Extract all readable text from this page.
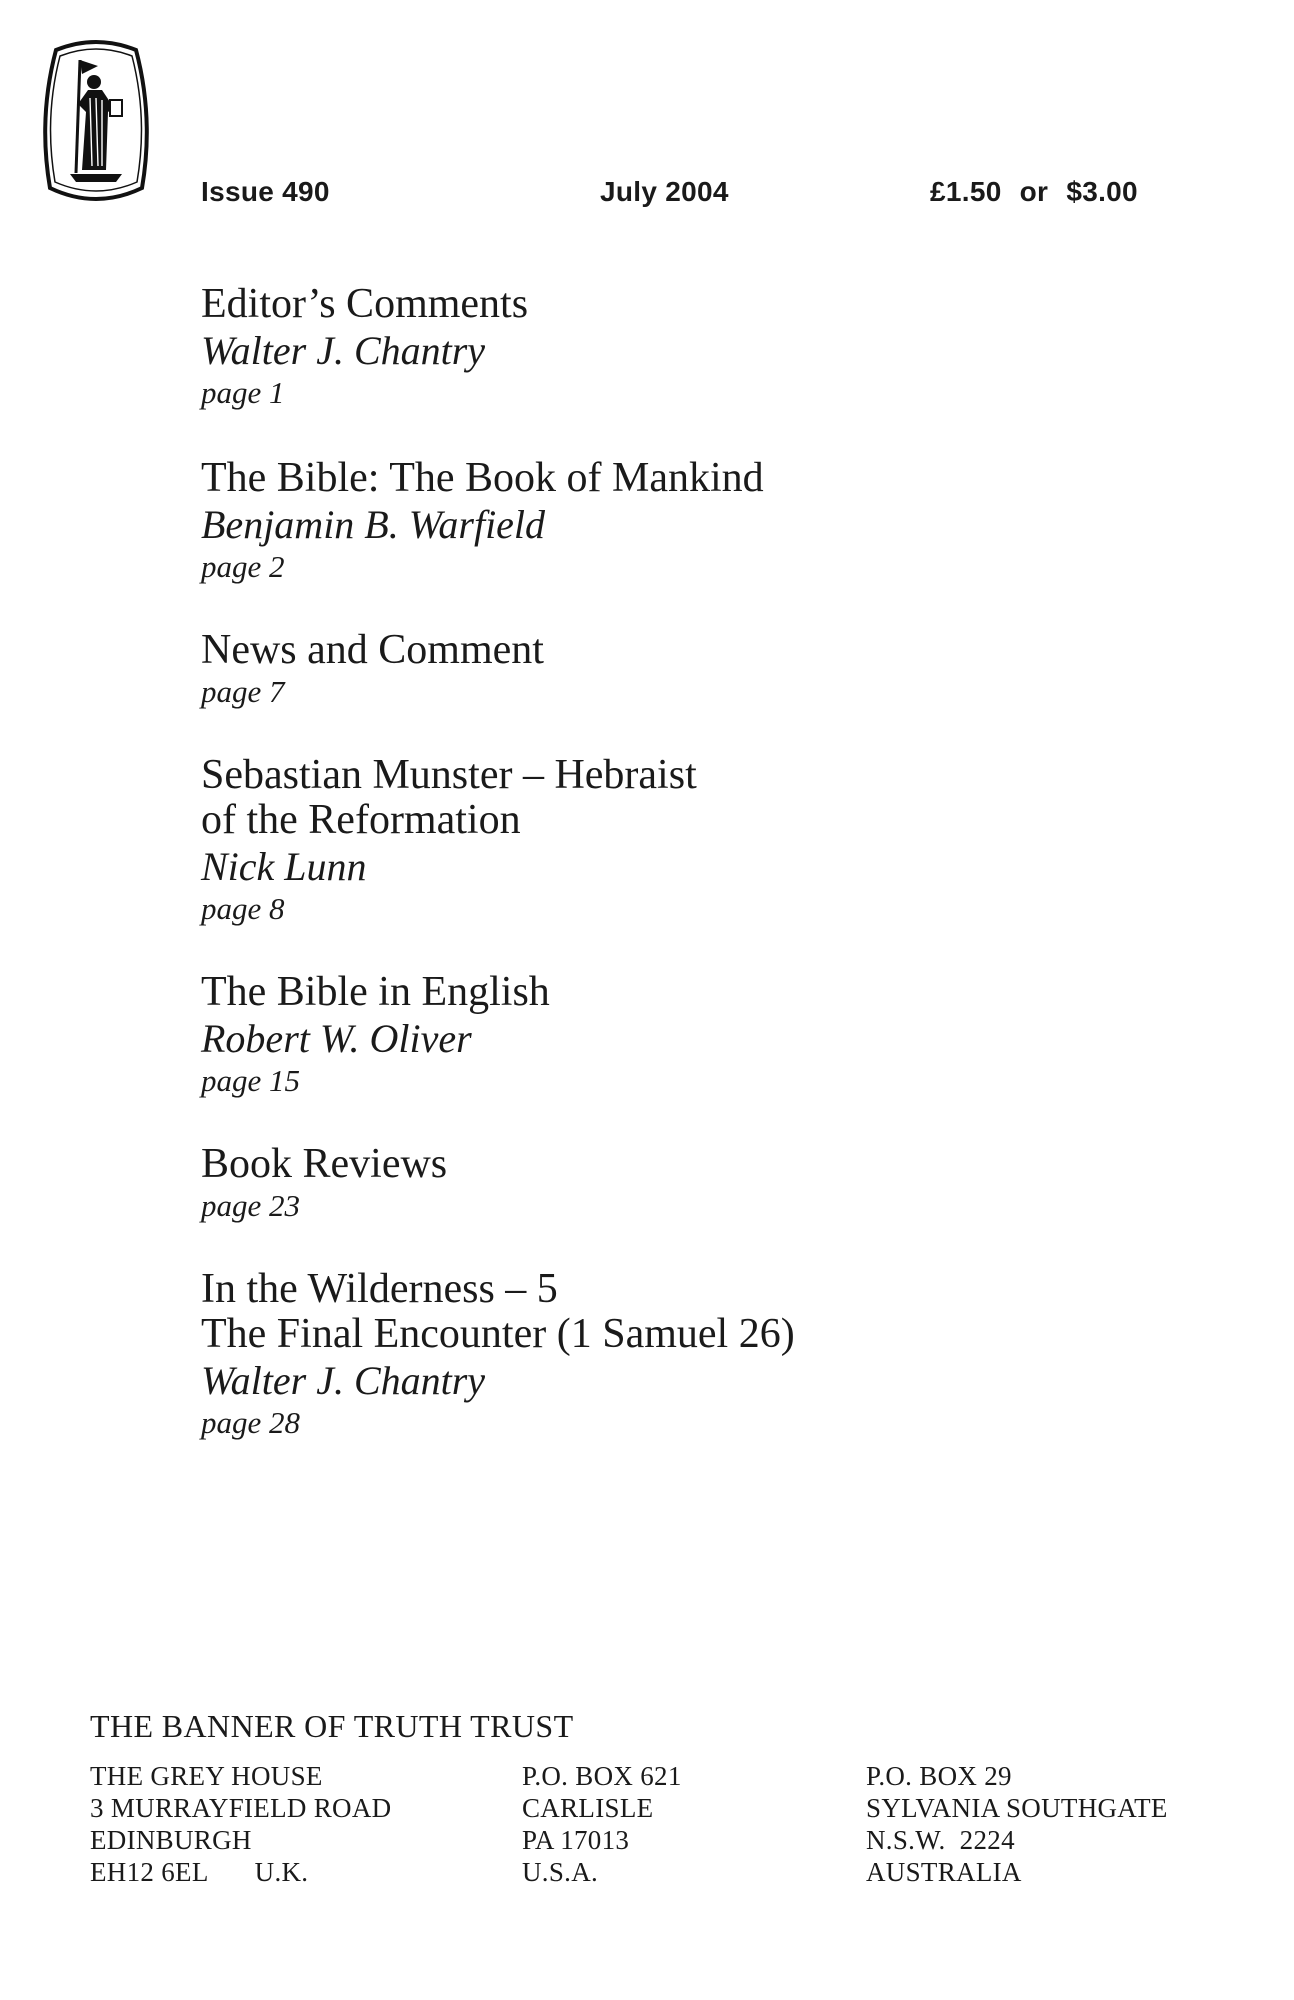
Issue 490	July 2004	£1.50 or $3.00
Editor’s Comments
Walter J. Chantry
page 1
The Bible: The Book of Mankind
Benjamin B. Warfield
page 2
News and Comment
page 7
Sebastian Munster – Hebraist
of the Reformation
Nick Lunn
page 8
The Bible in English
Robert W. Oliver
page 15
Book Reviews
page 23
In the Wilderness – 5
The Final Encounter (1 Samuel 26)
Walter J. Chantry
page 28
THE BANNER OF TRUTH TRUST
THE GREY HOUSE
3 MURRAYFIELD ROAD
EDINBURGH
EH12 6EL U.K.
P.O. BOX 621
CARLISLE
PA 17013
U.S.A.
P.O. BOX 29
SYLVANIA SOUTHGATE
N.S.W.  2224
AUSTRALIA
